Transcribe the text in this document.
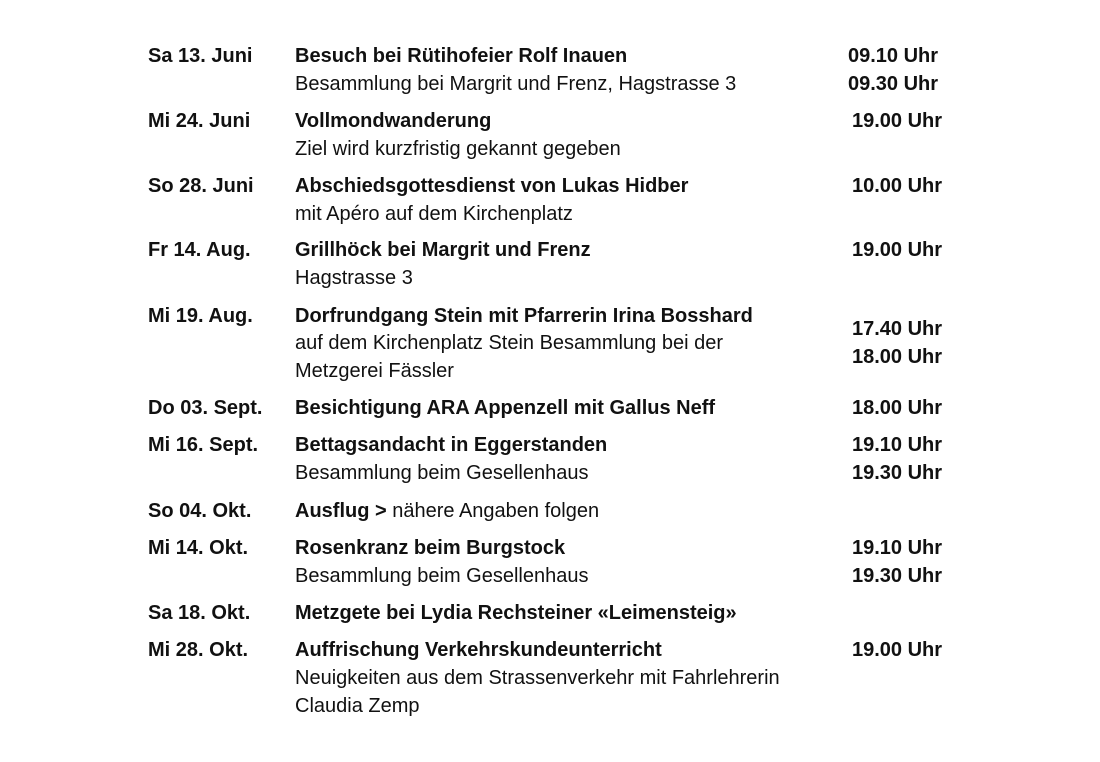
Sa 13. Juni Besuch bei Rütihofeier Rolf Inauen
Besammlung bei Margrit und Frenz, Hagstrasse 3
09.10 Uhr
09.30 Uhr
Mi 24. Juni Vollmondwanderung
Ziel wird kurzfristig gekannt gegeben
19.00 Uhr
So 28. Juni Abschiedsgottesdienst von Lukas Hidber
mit Apéro auf dem Kirchenplatz
10.00 Uhr
Fr 14. Aug. Grillhöck bei Margrit und Frenz
Hagstrasse 3
19.00 Uhr
Mi 19. Aug. Dorfrundgang Stein mit Pfarrerin Irina Bosshard
auf dem Kirchenplatz Stein Besammlung bei der
Metzgerei Fässler
17.40 Uhr
18.00 Uhr
Do 03. Sept. Besichtigung ARA Appenzell mit Gallus Neff	18.00 Uhr
Mi 16. Sept. Bettagsandacht in Eggerstanden
Besammlung beim Gesellenhaus
19.10 Uhr
19.30 Uhr
So 04. Okt. Ausflug > nähere Angaben folgen
Mi 14. Okt. Rosenkranz beim Burgstock
Besammlung beim Gesellenhaus
19.10 Uhr
19.30 Uhr
Sa 18. Okt. Metzgete bei Lydia Rechsteiner «Leimensteig»
Mi 28. Okt. Auffrischung Verkehrskundeunterricht
Neuigkeiten aus dem Strassenverkehr mit Fahrlehrerin
Claudia Zemp
19.00 Uhr
